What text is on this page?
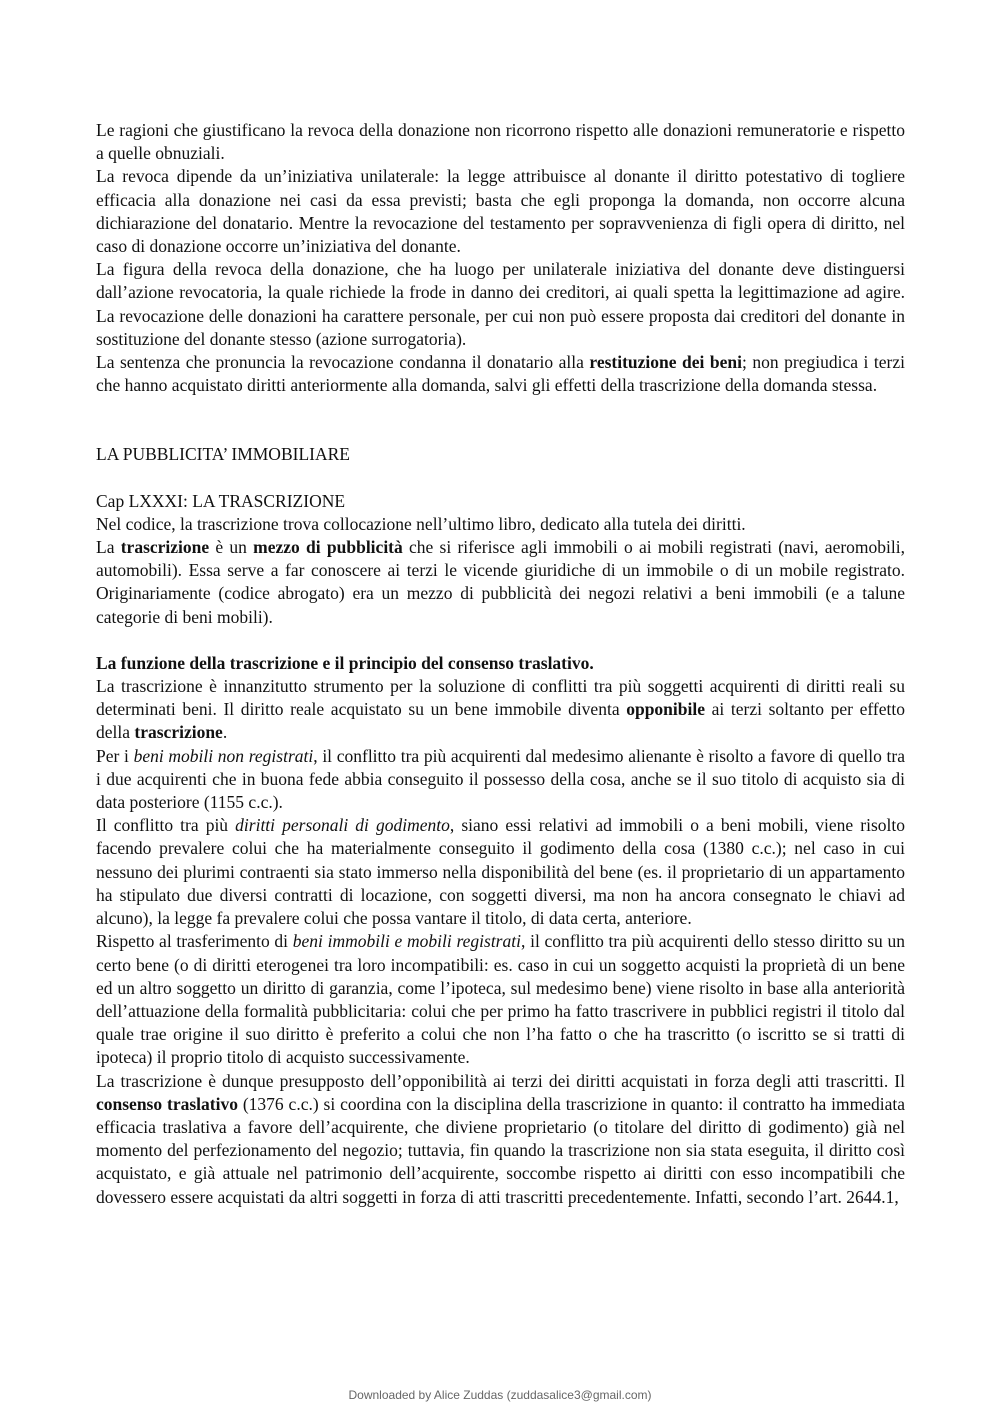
Le ragioni che giustificano la revoca della donazione non ricorrono rispetto alle donazioni remuneratorie e rispetto a quelle obnuziali.

La revoca dipende da un’iniziativa unilaterale: la legge attribuisce al donante il diritto potestativo di togliere efficacia alla donazione nei casi da essa previsti; basta che egli proponga la domanda, non occorre alcuna dichiarazione del donatario. Mentre la revocazione del testamento per sopravvenienza di figli opera di diritto, nel caso di donazione occorre un’iniziativa del donante.

La figura della revoca della donazione, che ha luogo per unilaterale iniziativa del donante deve distinguersi dall’azione revocatoria, la quale richiede la frode in danno dei creditori, ai quali spetta la legittimazione ad agire. La revocazione delle donazioni ha carattere personale, per cui non può essere proposta dai creditori del donante in sostituzione del donante stesso (azione surrogatoria).

La sentenza che pronuncia la revocazione condanna il donatario alla restituzione dei beni; non pregiudica i terzi che hanno acquistato diritti anteriormente alla domanda, salvi gli effetti della trascrizione della domanda stessa.

LA PUBBLICITA’ IMMOBILIARE

Cap LXXXI: LA TRASCRIZIONE

Nel codice, la trascrizione trova collocazione nell’ultimo libro, dedicato alla tutela dei diritti.

La trascrizione è un mezzo di pubblicità che si riferisce agli immobili o ai mobili registrati (navi, aeromobili, automobili). Essa serve a far conoscere ai terzi le vicende giuridiche di un immobile o di un mobile registrato. Originariamente (codice abrogato) era un mezzo di pubblicità dei negozi relativi a beni immobili (e a talune categorie di beni mobili).

La funzione della trascrizione e il principio del consenso traslativo.

La trascrizione è innanzitutto strumento per la soluzione di conflitti tra più soggetti acquirenti di diritti reali su determinati beni. Il diritto reale acquistato su un bene immobile diventa opponibile ai terzi soltanto per effetto della trascrizione.

Per i beni mobili non registrati, il conflitto tra più acquirenti dal medesimo alienante è risolto a favore di quello tra i due acquirenti che in buona fede abbia conseguito il possesso della cosa, anche se il suo titolo di acquisto sia di data posteriore (1155 c.c.).

Il conflitto tra più diritti personali di godimento, siano essi relativi ad immobili o a beni mobili, viene risolto facendo prevalere colui che ha materialmente conseguito il godimento della cosa (1380 c.c.); nel caso in cui nessuno dei plurimi contraenti sia stato immerso nella disponibilità del bene (es. il proprietario di un appartamento ha stipulato due diversi contratti di locazione, con soggetti diversi, ma non ha ancora consegnato le chiavi ad alcuno), la legge fa prevalere colui che possa vantare il titolo, di data certa, anteriore.

Rispetto al trasferimento di beni immobili e mobili registrati, il conflitto tra più acquirenti dello stesso diritto su un certo bene (o di diritti eterogenei tra loro incompatibili: es. caso in cui un soggetto acquisti la proprietà di un bene ed un altro soggetto un diritto di garanzia, come l’ipoteca, sul medesimo bene) viene risolto in base alla anteriorità dell’attuazione della formalità pubblicitaria: colui che per primo ha fatto trascrivere in pubblici registri il titolo dal quale trae origine il suo diritto è preferito a colui che non l’ha fatto o che ha trascritto (o iscritto se si tratti di ipoteca) il proprio titolo di acquisto successivamente.

La trascrizione è dunque presupposto dell’opponibilità ai terzi dei diritti acquistati in forza degli atti trascritti. Il consenso traslativo (1376 c.c.) si coordina con la disciplina della trascrizione in quanto: il contratto ha immediata efficacia traslativa a favore dell’acquirente, che diviene proprietario (o titolare del diritto di godimento) già nel momento del perfezionamento del negozio; tuttavia, fin quando la trascrizione non sia stata eseguita, il diritto così acquistato, e già attuale nel patrimonio dell’acquirente, soccombe rispetto ai diritti con esso incompatibili che dovessero essere acquistati da altri soggetti in forza di atti trascritti precedentemente. Infatti, secondo l’art. 2644.1,

Downloaded by Alice Zuddas (zuddasalice3@gmail.com)
